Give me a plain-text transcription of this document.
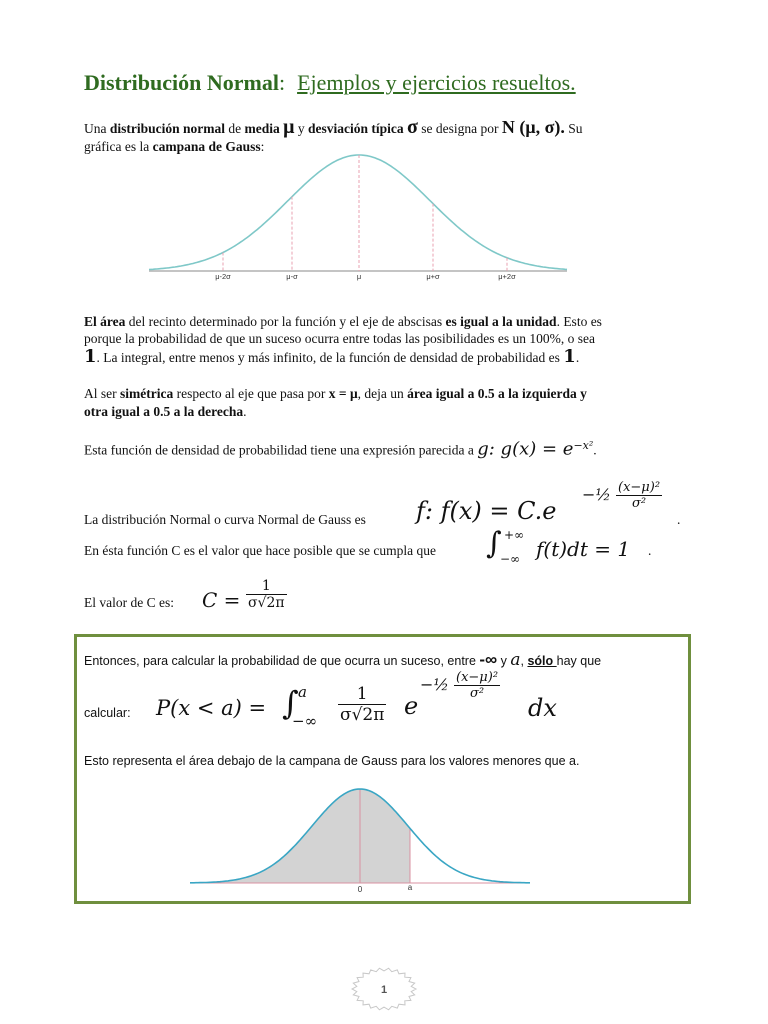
Distribución Normal: Ejemplos y ejercicios resueltos.
Una distribución normal de media μ y desviación típica σ se designa por N (μ, σ). Su
gráfica es la campana de Gauss:
μ-2σ	μ-σ	μ	μ+σ	μ+2σ
El área del recinto determinado por la función y el eje de abscisas es igual a la unidad. Esto es
porque la probabilidad de que un suceso ocurra entre todas las posibilidades es un 100%, o sea
1. La integral, entre menos y más infinito, de la función de densidad de probabilidad es 1.
Al ser simétrica respecto al eje que pasa por x = μ, deja un área igual a 0.5 a la izquierda y
otra igual a 0.5 a la derecha.
Esta función de densidad de probabilidad tiene una expresión parecida a g: $g(x) = e^{-x^2}$.
La distribución Normal o curva Normal de Gauss es f: f(x) = C.e
−½ $\frac{\text{(x−μ)²}}{\text{σ²}}$
.
En ésta función C es el valor que hace posible que se cumpla que ∫ +∞
−∞ f(t)dt = 1 .
El valor de C es: $C = \frac{1}{\sigma√2\pi}$
Entonces, para calcular la probabilidad de que ocurra un suceso, entre -∞ y a, sólo hay que
calcular: P(x < a) = ∫ a
−∞ $\frac{1}{\sigma√2\pi}$ e
−½ $\frac{\text{(x−μ)²}}{\text{σ²}}$
dx
Esto representa el área debajo de la campana de Gauss para los valores menores que a.
0	a
1
